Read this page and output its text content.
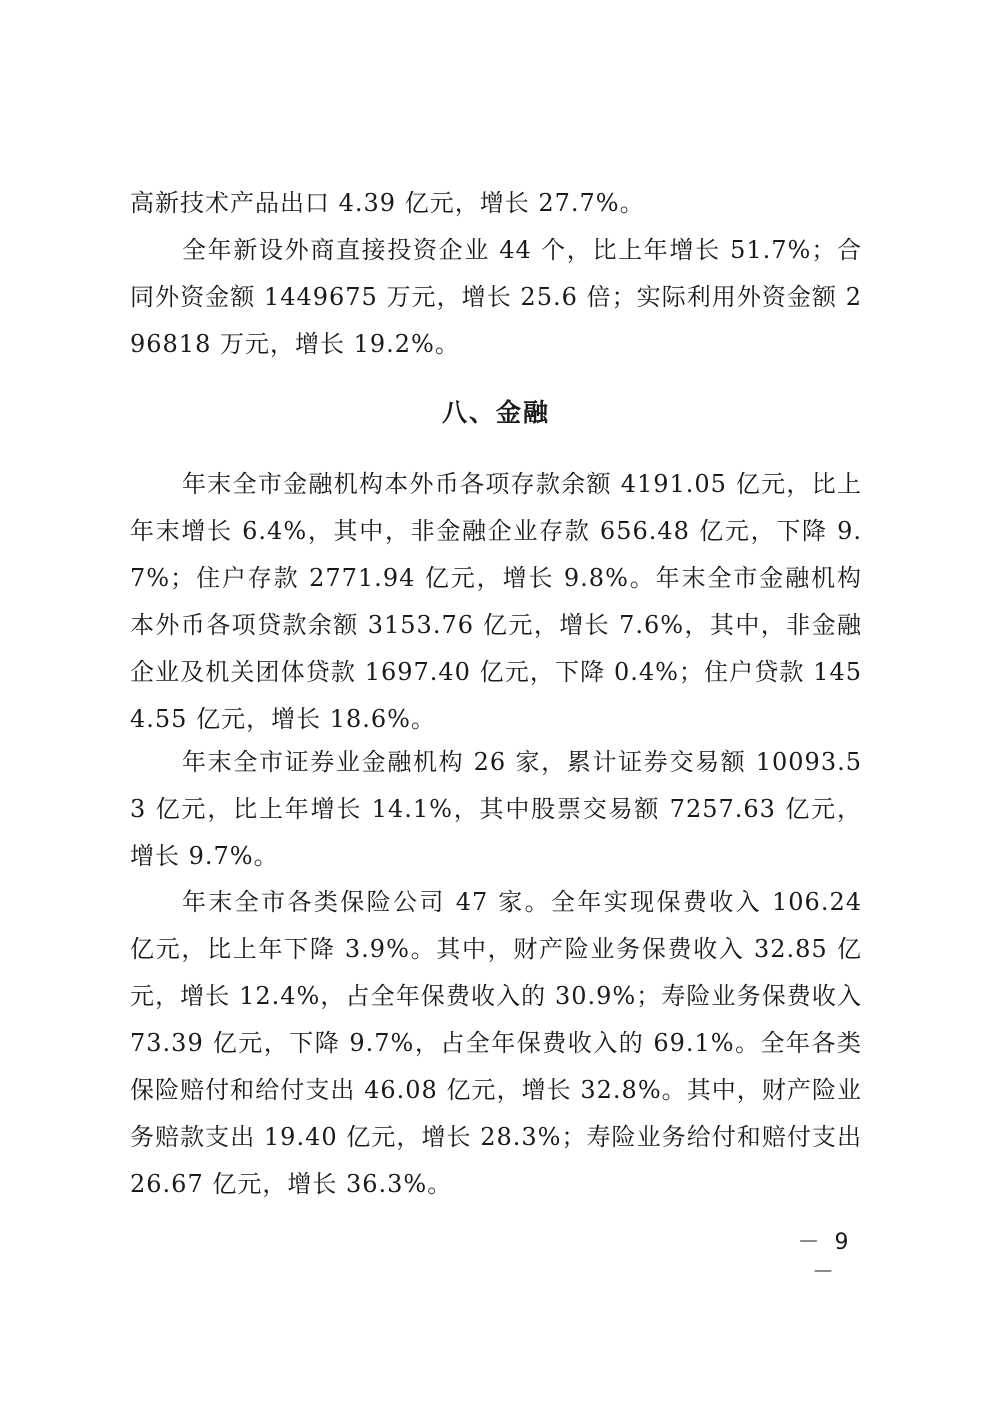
高新技术产品出口 4.39 亿元，增长 27.7%。

全年新设外商直接投资企业 44 个，比上年增长 51.7%；合同外资金额 1449675 万元，增长 25.6 倍；实际利用外资金额 296818 万元，增长 19.2%。

八、金融

年末全市金融机构本外币各项存款余额 4191.05 亿元，比上年末增长 6.4%，其中，非金融企业存款 656.48 亿元，下降 9.7%；住户存款 2771.94 亿元，增长 9.8%。年末全市金融机构本外币各项贷款余额 3153.76 亿元，增长 7.6%，其中，非金融企业及机关团体贷款 1697.40 亿元，下降 0.4%；住户贷款 1454.55 亿元，增长 18.6%。

年末全市证券业金融机构 26 家，累计证券交易额 10093.53 亿元，比上年增长 14.1%，其中股票交易额 7257.63 亿元，增长 9.7%。

年末全市各类保险公司 47 家。全年实现保费收入 106.24 亿元，比上年下降 3.9%。其中，财产险业务保费收入 32.85 亿元，增长 12.4%，占全年保费收入的 30.9%；寿险业务保费收入 73.39 亿元，下降 9.7%，占全年保费收入的 69.1%。全年各类保险赔付和给付支出 46.08 亿元，增长 32.8%。其中，财产险业务赔款支出 19.40 亿元，增长 28.3%；寿险业务给付和赔付支出 26.67 亿元，增长 36.3%。

－ 9 －
